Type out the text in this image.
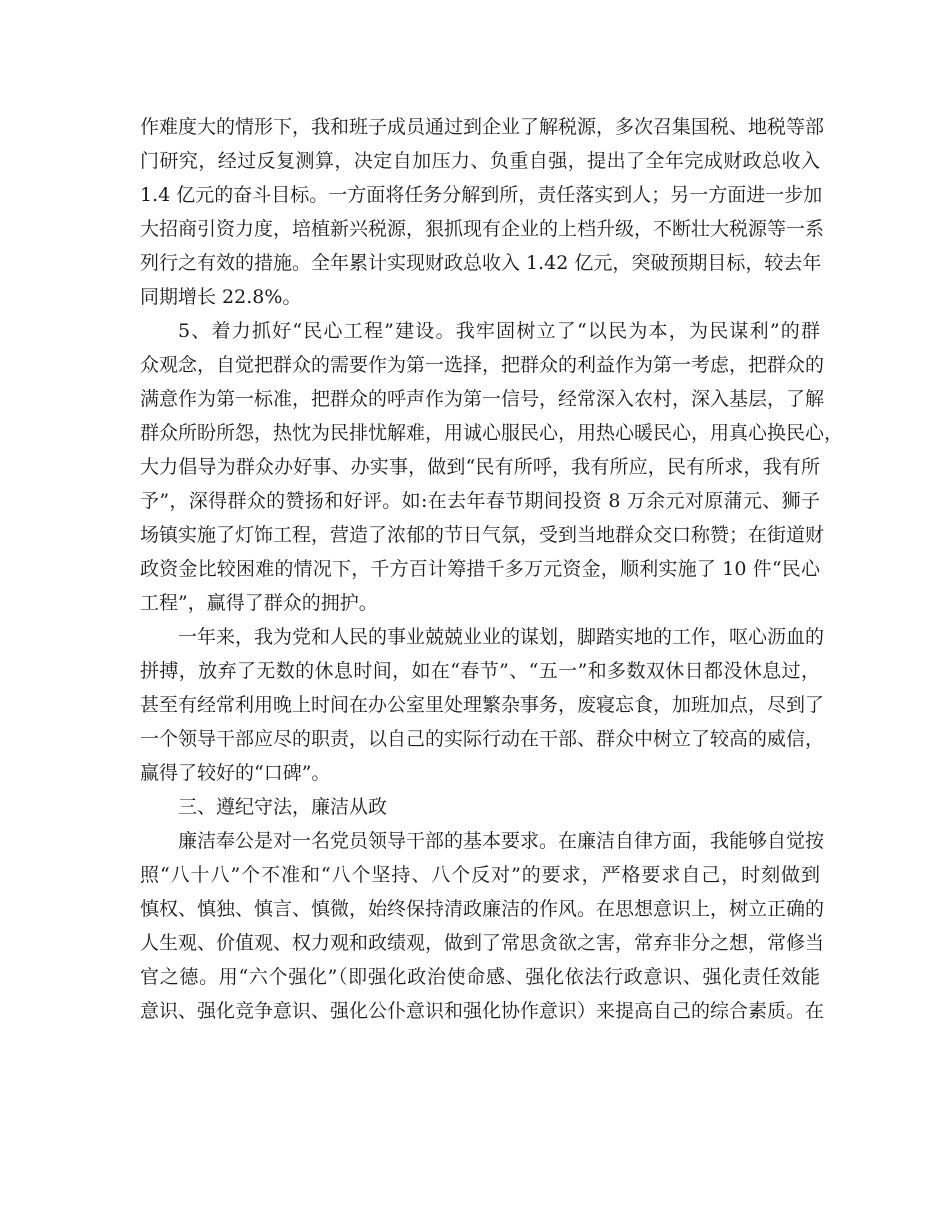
作难度大的情形下，我和班子成员通过到企业了解税源，多次召集国税、地税等部
门研究，经过反复测算，决定自加压力、负重自强，提出了全年完成财政总收入
1.4 亿元的奋斗目标。一方面将任务分解到所，责任落实到人；另一方面进一步加
大招商引资力度，培植新兴税源，狠抓现有企业的上档升级，不断壮大税源等一系
列行之有效的措施。全年累计实现财政总收入 1.42 亿元，突破预期目标，较去年
同期增长 22.8%。
5、着力抓好“民心工程”建设。我牢固树立了“以民为本，为民谋利”的群
众观念，自觉把群众的需要作为第一选择，把群众的利益作为第一考虑，把群众的
满意作为第一标准，把群众的呼声作为第一信号，经常深入农村，深入基层，了解
群众所盼所怨，热忱为民排忧解难，用诚心服民心，用热心暖民心，用真心换民心，
大力倡导为群众办好事、办实事，做到“民有所呼，我有所应，民有所求，我有所
予”，深得群众的赞扬和好评。如:在去年春节期间投资 8 万余元对原蒲元、狮子
场镇实施了灯饰工程，营造了浓郁的节日气氛，受到当地群众交口称赞；在街道财
政资金比较困难的情况下，千方百计筹措千多万元资金，顺利实施了 10 件“民心
工程”，赢得了群众的拥护。
一年来，我为党和人民的事业兢兢业业的谋划，脚踏实地的工作，呕心沥血的
拼搏，放弃了无数的休息时间，如在“春节”、“五一”和多数双休日都没休息过，
甚至有经常利用晚上时间在办公室里处理繁杂事务，废寝忘食，加班加点，尽到了
一个领导干部应尽的职责，以自己的实际行动在干部、群众中树立了较高的威信，
赢得了较好的“口碑”。
三、遵纪守法，廉洁从政
廉洁奉公是对一名党员领导干部的基本要求。在廉洁自律方面，我能够自觉按
照“八十八”个不准和“八个坚持、八个反对”的要求，严格要求自己，时刻做到
慎权、慎独、慎言、慎微，始终保持清政廉洁的作风。在思想意识上，树立正确的
人生观、价值观、权力观和政绩观，做到了常思贪欲之害，常弃非分之想，常修当
官之德。用“六个强化”（即强化政治使命感、强化依法行政意识、强化责任效能
意识、强化竞争意识、强化公仆意识和强化协作意识）来提高自己的综合素质。在
